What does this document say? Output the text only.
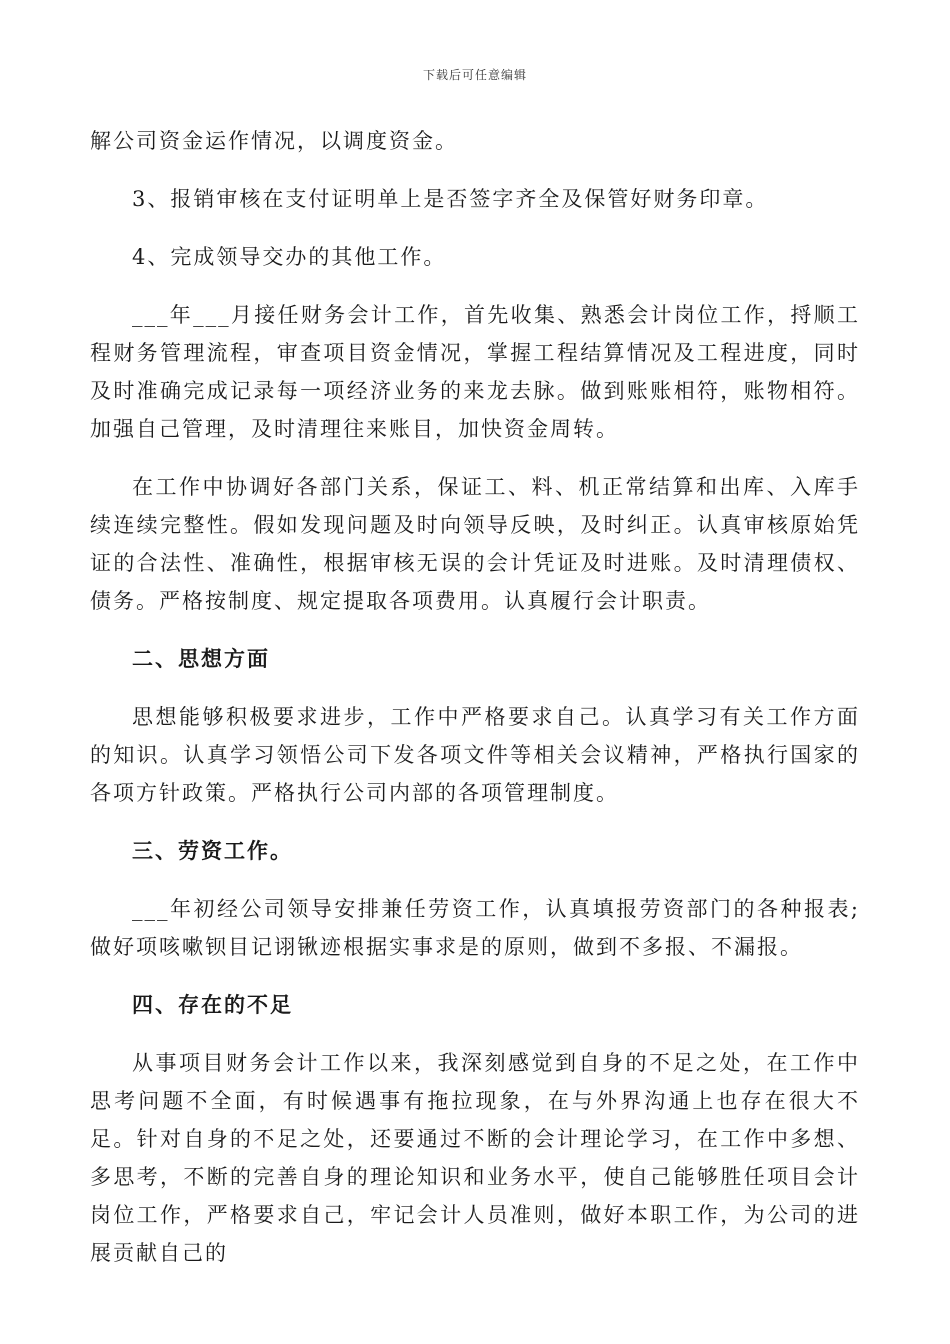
下载后可任意编辑

解公司资金运作情况，以调度资金。

3、报销审核在支付证明单上是否签字齐全及保管好财务印章。

4、完成领导交办的其他工作。

___年___月接任财务会计工作，首先收集、熟悉会计岗位工作，捋顺工程财务管理流程，审查项目资金情况，掌握工程结算情况及工程进度，同时及时准确完成记录每一项经济业务的来龙去脉。做到账账相符，账物相符。加强自己管理，及时清理往来账目，加快资金周转。

在工作中协调好各部门关系，保证工、料、机正常结算和出库、入库手续连续完整性。假如发现问题及时向领导反映，及时纠正。认真审核原始凭证的合法性、准确性，根据审核无误的会计凭证及时进账。及时清理债权、债务。严格按制度、规定提取各项费用。认真履行会计职责。

二、思想方面

思想能够积极要求进步，工作中严格要求自己。认真学习有关工作方面的知识。认真学习领悟公司下发各项文件等相关会议精神，严格执行国家的各项方针政策。严格执行公司内部的各项管理制度。

三、劳资工作。

___年初经公司领导安排兼任劳资工作，认真填报劳资部门的各种报表;做好项咳嗽钡目记诩锹迹根据实事求是的原则，做到不多报、不漏报。

四、存在的不足

从事项目财务会计工作以来，我深刻感觉到自身的不足之处，在工作中思考问题不全面，有时候遇事有拖拉现象，在与外界沟通上也存在很大不足。针对自身的不足之处，还要通过不断的会计理论学习，在工作中多想、多思考，不断的完善自身的理论知识和业务水平，使自己能够胜任项目会计岗位工作，严格要求自己，牢记会计人员准则，做好本职工作，为公司的进展贡献自己的
